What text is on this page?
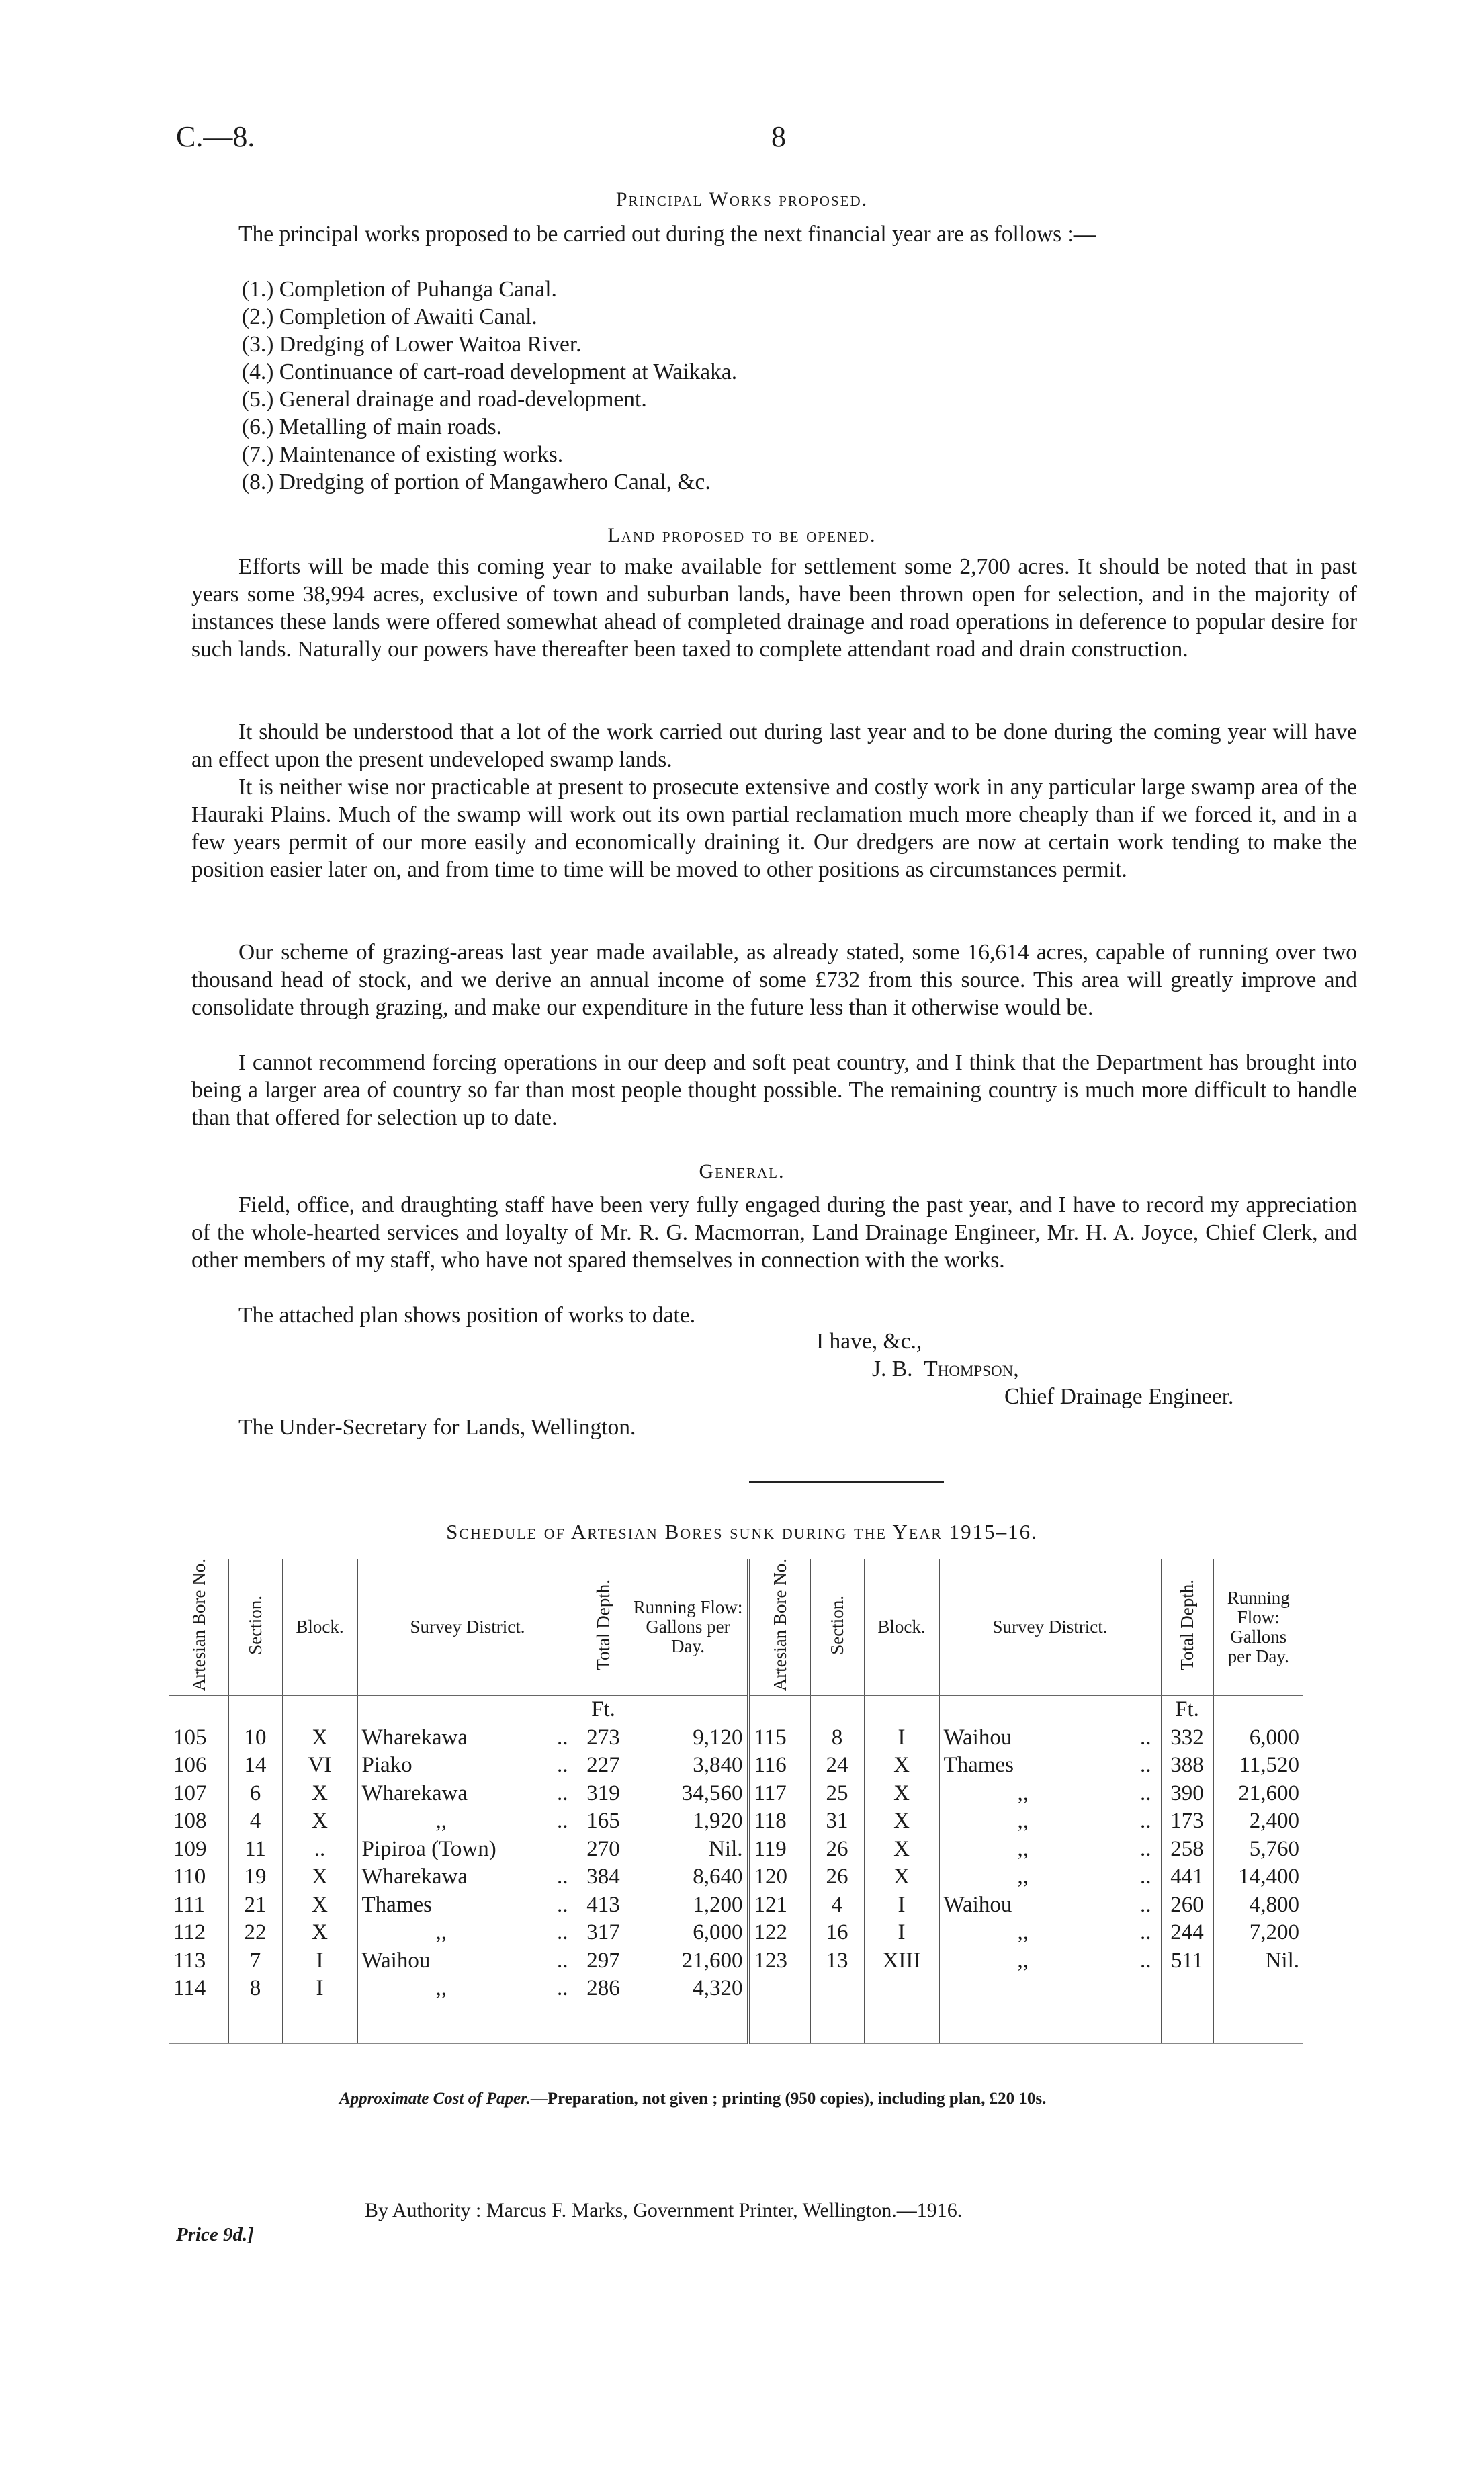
C.—8.	8
Principal Works proposed.

The principal works proposed to be carried out during the next financial year are as follows :—

(1.) Completion of Puhanga Canal.
(2.) Completion of Awaiti Canal.
(3.) Dredging of Lower Waitoa River.
(4.) Continuance of cart-road development at Waikaka.
(5.) General drainage and road-development.
(6.) Metalling of main roads.
(7.) Maintenance of existing works.
(8.) Dredging of portion of Mangawhero Canal, &c.
Land proposed to be opened.

Efforts will be made this coming year to make available for settlement some 2,700 acres. It should be noted that in past years some 38,994 acres, exclusive of town and suburban lands, have been thrown open for selection, and in the majority of instances these lands were offered somewhat ahead of completed drainage and road operations in deference to popular desire for such lands. Naturally our powers have thereafter been taxed to complete attendant road and drain construction.

It should be understood that a lot of the work carried out during last year and to be done during the coming year will have an effect upon the present undeveloped swamp lands.

It is neither wise nor practicable at present to prosecute extensive and costly work in any particular large swamp area of the Hauraki Plains. Much of the swamp will work out its own partial reclamation much more cheaply than if we forced it, and in a few years permit of our more easily and economically draining it. Our dredgers are now at certain work tending to make the position easier later on, and from time to time will be moved to other positions as circumstances permit.

Our scheme of grazing-areas last year made available, as already stated, some 16,614 acres, capable of running over two thousand head of stock, and we derive an annual income of some £732 from this source. This area will greatly improve and consolidate through grazing, and make our expenditure in the future less than it otherwise would be.

I cannot recommend forcing operations in our deep and soft peat country, and I think that the Department has brought into being a larger area of country so far than most people thought possible. The remaining country is much more difficult to handle than that offered for selection up to date.

General.

Field, office, and draughting staff have been very fully engaged during the past year, and I have to record my appreciation of the whole-hearted services and loyalty of Mr. R. G. Macmorran, Land Drainage Engineer, Mr. H. A. Joyce, Chief Clerk, and other members of my staff, who have not spared themselves in connection with the works.

The attached plan shows position of works to date.

I have, &c.,
J. B. Thompson,
Chief Drainage Engineer.
The Under-Secretary for Lands, Wellington.
Schedule of Artesian Bores sunk during the Year 1915–16.
Artesian Bore No.	Section.	Block.	Survey District.	Total Depth.	Running Flow: Gallons per Day.	Artesian Bore No.	Section.	Block.	Survey District.	Total Depth.	Running Flow: Gallons per Day.
				Ft.						Ft.	
105	10	X	Wharekawa ..	273	9,120	115	8	I	Waihou ..	332	6,000
106	14	VI	Piako ..	227	3,840	116	24	X	Thames ..	388	11,520
107	6	X	Wharekawa ..	319	34,560	117	25	X	,, ..	390	21,600
108	4	X	,, ..	165	1,920	118	31	X	,, ..	173	2,400
109	11	..	Pipiroa (Town)	270	Nil.	119	26	X	,, ..	258	5,760
110	19	X	Wharekawa ..	384	8,640	120	26	X	,, ..	441	14,400
111	21	X	Thames ..	413	1,200	121	4	I	Waihou ..	260	4,800
112	22	X	,, ..	317	6,000	122	16	I	,, ..	244	7,200
113	7	I	Waihou ..	297	21,600	123	13	XIII	,, ..	511	Nil.
114	8	I	,, ..	286	4,320				

Approximate Cost of Paper.—Preparation, not given ; printing (950 copies), including plan, £20 10s.
By Authority : Marcus F. Marks, Government Printer, Wellington.—1916.
Price 9d.]
